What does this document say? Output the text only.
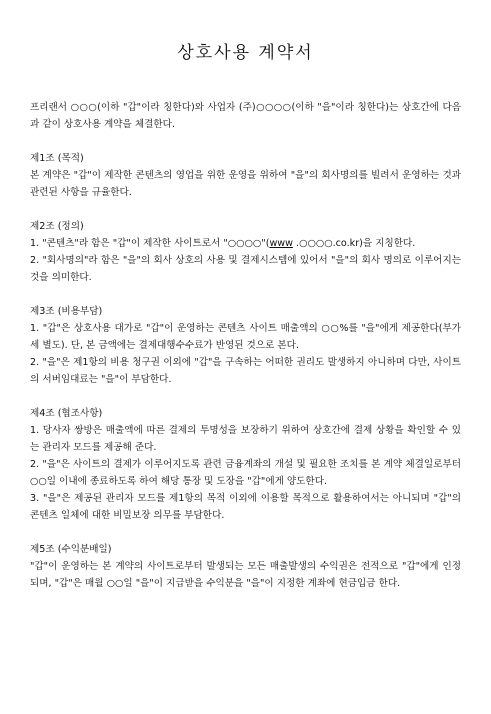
상호사용 계약서

프리랜서 ○○○(이하 "갑"이라 칭한다)와 사업자 (주)○○○○(이하 "을"이라 칭한다)는 상호간에 다음과 같이 상호사용 계약을 체결한다.

제1조 (목적)

본 계약은 "갑"이 제작한 콘텐츠의 영업을 위한 운영을 위하여 "을"의 회사명의를 빌려서 운영하는 것과 관련된 사항을 규율한다.

제2조 (정의)

1. "콘텐츠"라 함은 "갑"이 제작한 사이트로서 "○○○○"(www .○○○○.co.kr)을 지칭한다.

2. "회사명의"라 함은 "을"의 회사 상호의 사용 및 결제시스템에 있어서 "을"의 회사 명의로 이루어지는 것을 의미한다.

제3조 (비용부담)

1. "갑"은 상호사용 대가로 "갑"이 운영하는 콘텐츠 사이트 매출액의 ○○%를 "을"에게 제공한다(부가세 별도). 단, 본 금액에는 결제대행수수료가 반영된 것으로 본다.

2. "을"은 제1항의 비용 청구권 이외에 "갑"을 구속하는 어떠한 권리도 발생하지 아니하며 다만, 사이트의 서버임대료는 "을"이 부담한다.

제4조 (협조사항)

1. 당사자 쌍방은 매출액에 따른 결제의 투명성을 보장하기 위하여 상호간에 결제 상황을 확인할 수 있는 관리자 모드를 제공해 준다.

2. "을"은 사이트의 결제가 이루어지도록 관련 금융계좌의 개설 및 필요한 조치를 본 계약 체결일로부터 ○○일 이내에 종료하도록 하여 해당 통장 및 도장을 "갑"에게 양도한다.

3. "을"은 제공된 관리자 모드를 제1항의 목적 이외에 이용할 목적으로 활용하여서는 아니되며 "갑"의 콘텐츠 일체에 대한 비밀보장 의무를 부담한다.

제5조 (수익분배일)

"갑"이 운영하는 본 계약의 사이트로부터 발생되는 모든 매출발생의 수익권은 전적으로 "갑"에게 인정되며, "갑"은 매월 ○○일 "을"이 지급받을 수익분을 "을"이 지정한 계좌에 현금입금 한다.
